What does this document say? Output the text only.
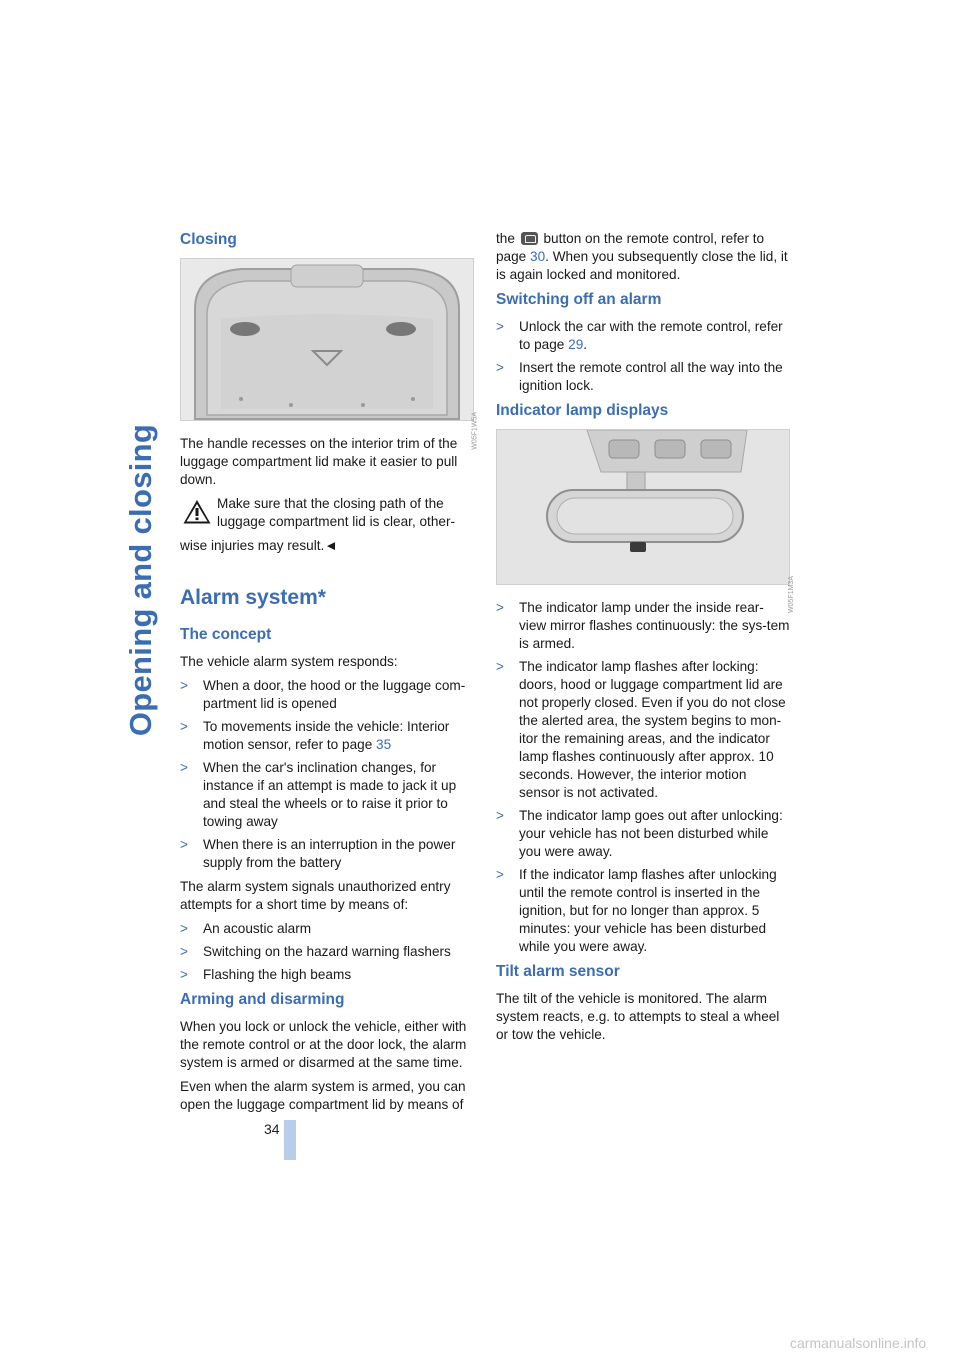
Opening and closing
Closing
W05F1W5A

The handle recesses on the interior trim of the luggage compartment lid make it easier to pull down.

Make sure that the closing path of the luggage compartment lid is clear, other-

wise injuries may result.◄

Alarm system*
The concept

The vehicle alarm system responds:

> When a door, the hood or the luggage com-partment lid is opened
> To movements inside the vehicle: Interior motion sensor, refer to page 35
> When the car's inclination changes, for instance if an attempt is made to jack it up and steal the wheels or to raise it prior to towing away
> When there is an interruption in the power supply from the battery

The alarm system signals unauthorized entry attempts for a short time by means of:

> An acoustic alarm
> Switching on the hazard warning flashers
> Flashing the high beams
Arming and disarming

When you lock or unlock the vehicle, either with the remote control or at the door lock, the alarm system is armed or disarmed at the same time.

Even when the alarm system is armed, you can open the luggage compartment lid by means of

the button on the remote control, refer to page 30. When you subsequently close the lid, it is again locked and monitored.

Switching off an alarm
> Unlock the car with the remote control, refer to page 29.
> Insert the remote control all the way into the ignition lock.
Indicator lamp displays
W05F1M3A
> The indicator lamp under the inside rear-view mirror flashes continuously: the sys-tem is armed.
> The indicator lamp flashes after locking: doors, hood or luggage compartment lid are not properly closed. Even if you do not close the alerted area, the system begins to mon-itor the remaining areas, and the indicator lamp flashes continuously after approx. 10 seconds. However, the interior motion sensor is not activated.
> The indicator lamp goes out after unlocking: your vehicle has not been disturbed while you were away.
> If the indicator lamp flashes after unlocking until the remote control is inserted in the ignition, but for no longer than approx. 5 minutes: your vehicle has been disturbed while you were away.
Tilt alarm sensor

The tilt of the vehicle is monitored. The alarm system reacts, e.g. to attempts to steal a wheel or tow the vehicle.

34
carmanualsonline.info
